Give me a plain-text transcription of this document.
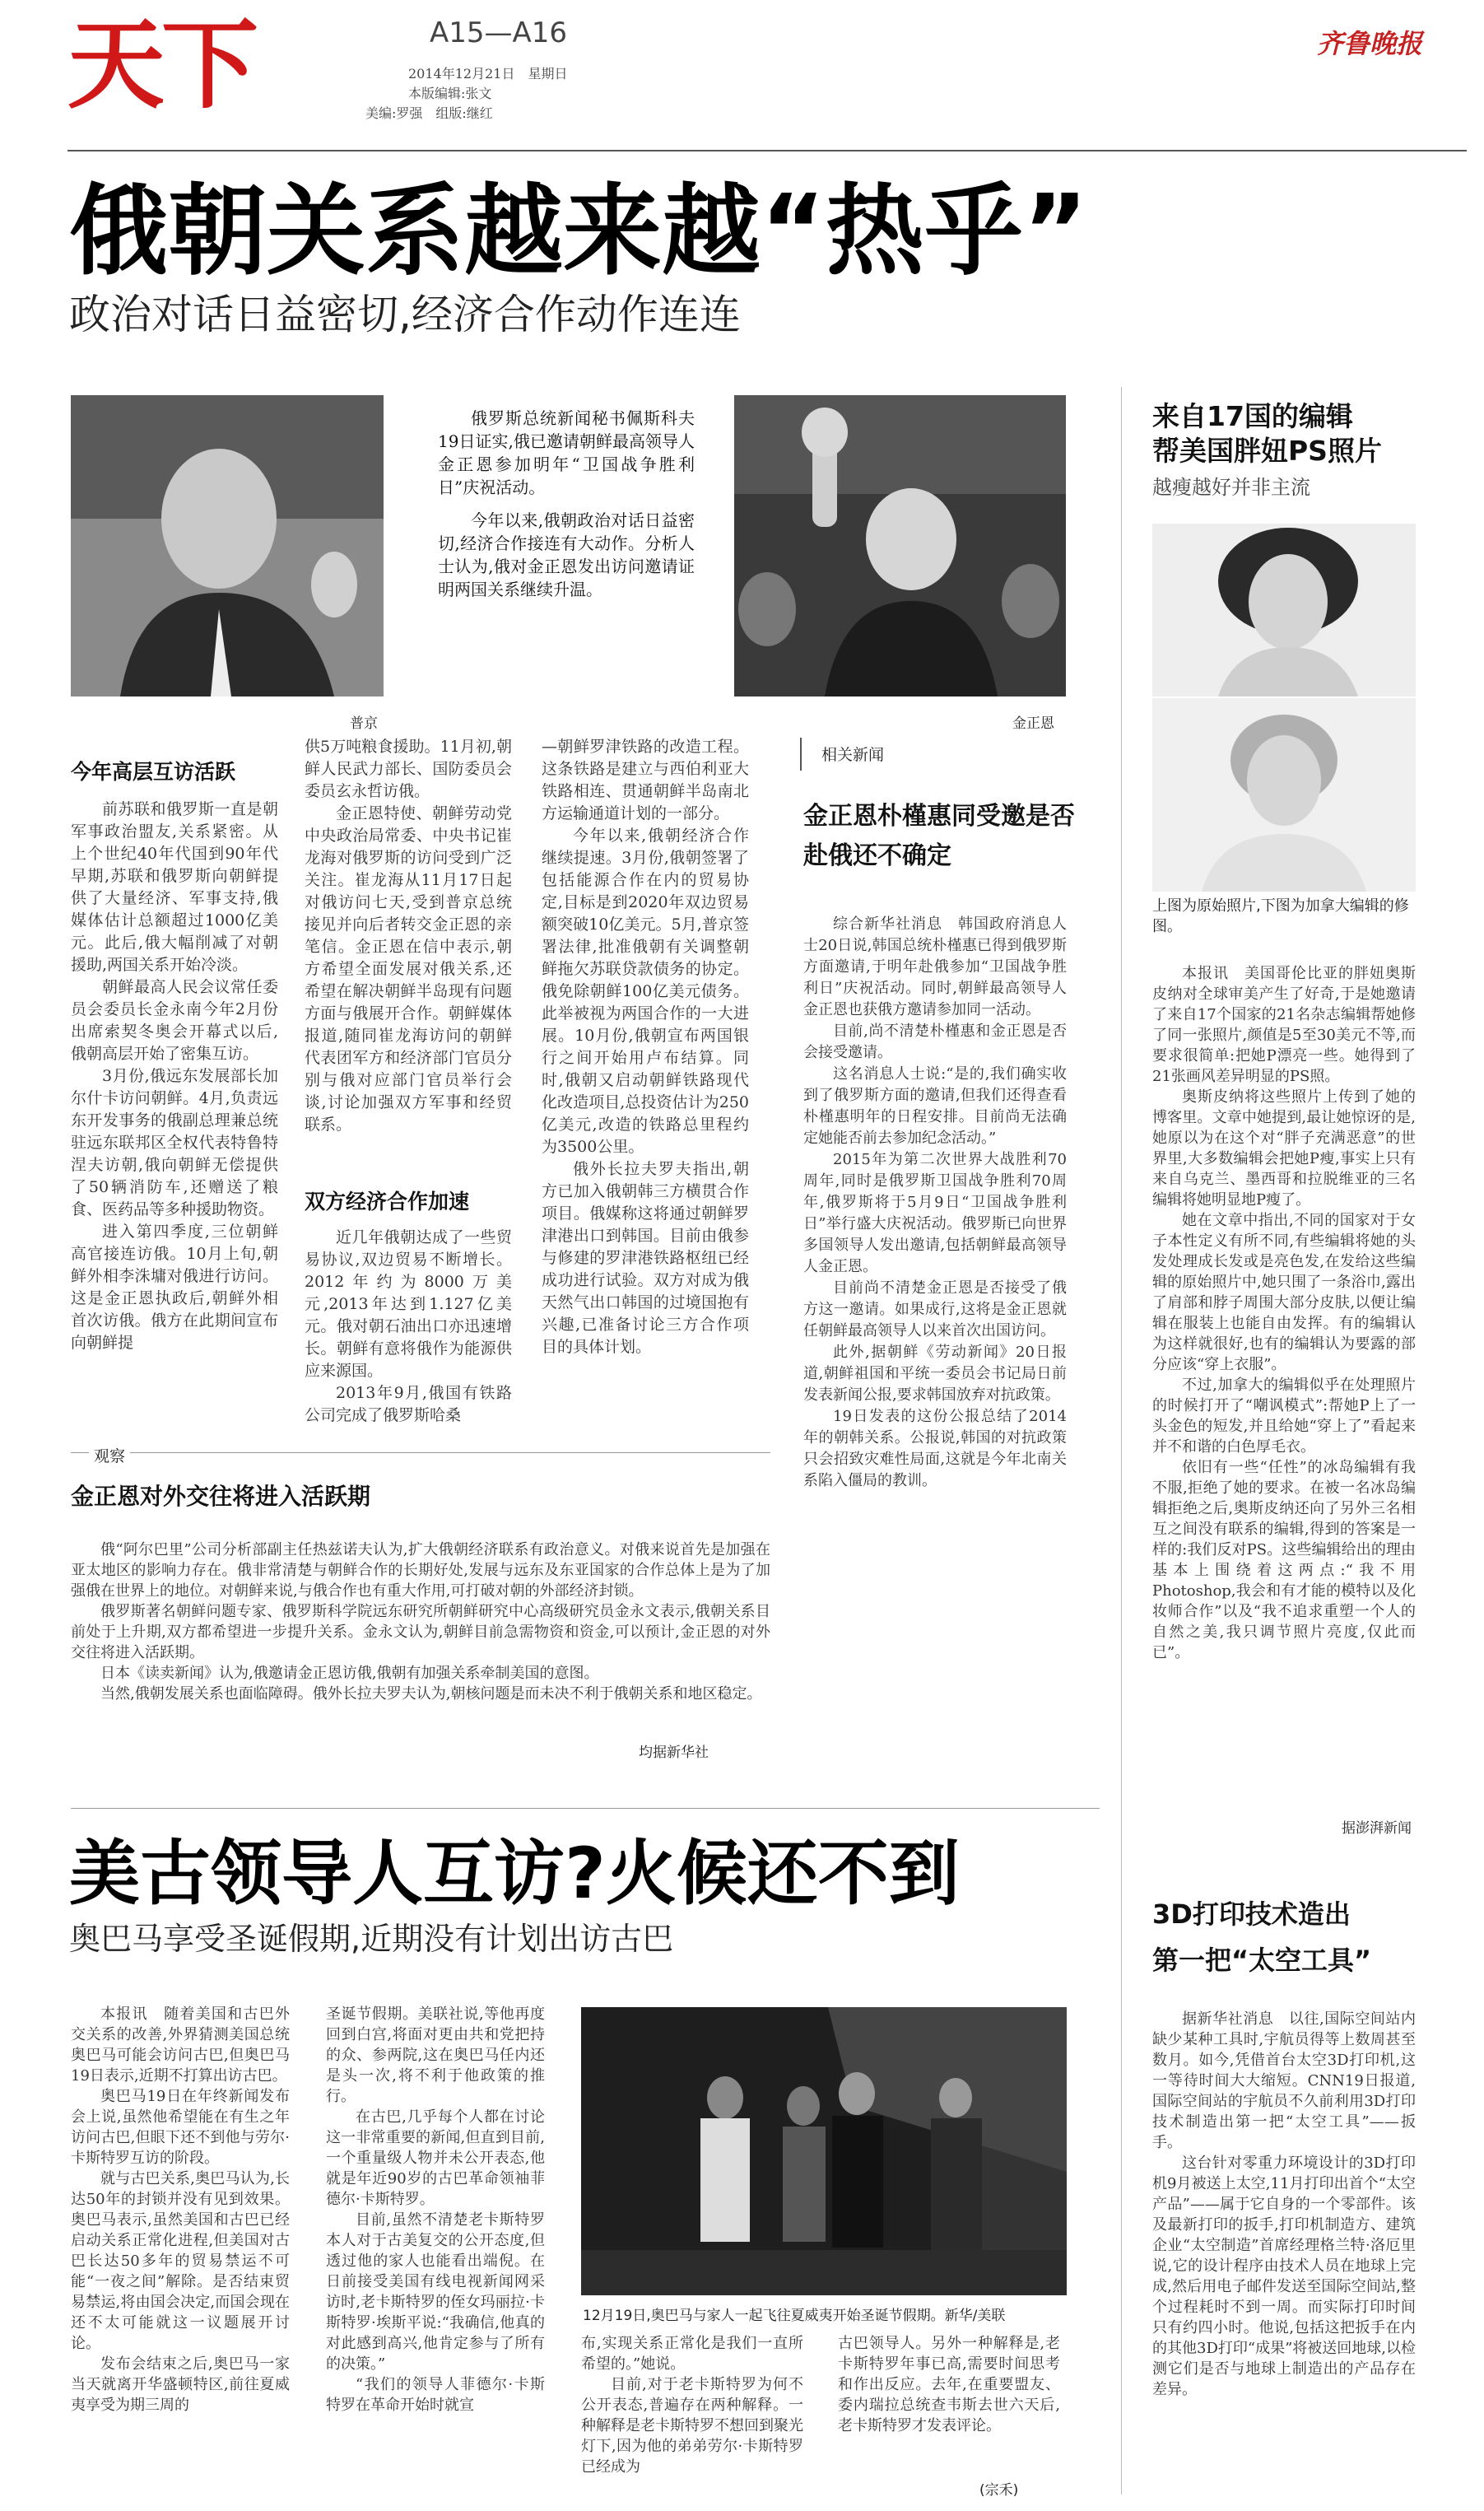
天下	A15—A16
2014年12月21日　星期日
本版编辑:张文
美编:罗强　组版:继红
齐鲁晚报
俄朝关系越来越“热乎”
政治对话日益密切,经济合作动作连连
普京

俄罗斯总统新闻秘书佩斯科夫19日证实,俄已邀请朝鲜最高领导人金正恩参加明年“卫国战争胜利日”庆祝活动。

今年以来,俄朝政治对话日益密切,经济合作接连有大动作。分析人士认为,俄对金正恩发出访问邀请证明两国关系继续升温。

金正恩
今年高层互访活跃

前苏联和俄罗斯一直是朝军事政治盟友,关系紧密。从上个世纪40年代国到90年代早期,苏联和俄罗斯向朝鲜提供了大量经济、军事支持,俄媒体估计总额超过1000亿美元。此后,俄大幅削减了对朝援助,两国关系开始冷淡。

朝鲜最高人民会议常任委员会委员长金永南今年2月份出席索契冬奥会开幕式以后,俄朝高层开始了密集互访。

3月份,俄远东发展部长加尔什卡访问朝鲜。4月,负责远东开发事务的俄副总理兼总统驻远东联邦区全权代表特鲁特涅夫访朝,俄向朝鲜无偿提供了50辆消防车,还赠送了粮食、医药品等多种援助物资。

进入第四季度,三位朝鲜高官接连访俄。10月上旬,朝鲜外相李洙墉对俄进行访问。这是金正恩执政后,朝鲜外相首次访俄。俄方在此期间宣布向朝鲜提

供5万吨粮食援助。11月初,朝鲜人民武力部长、国防委员会委员玄永哲访俄。

金正恩特使、朝鲜劳动党中央政治局常委、中央书记崔龙海对俄罗斯的访问受到广泛关注。崔龙海从11月17日起对俄访问七天,受到普京总统接见并向后者转交金正恩的亲笔信。金正恩在信中表示,朝方希望全面发展对俄关系,还希望在解决朝鲜半岛现有问题方面与俄展开合作。朝鲜媒体报道,随同崔龙海访问的朝鲜代表团军方和经济部门官员分别与俄对应部门官员举行会谈,讨论加强双方军事和经贸联系。

双方经济合作加速

近几年俄朝达成了一些贸易协议,双边贸易不断增长。2012年约为8000万美元,2013年达到1.127亿美元。俄对朝石油出口亦迅速增长。朝鲜有意将俄作为能源供应来源国。

2013年9月,俄国有铁路公司完成了俄罗斯哈桑

—朝鲜罗津铁路的改造工程。这条铁路是建立与西伯利亚大铁路相连、贯通朝鲜半岛南北方运输通道计划的一部分。

今年以来,俄朝经济合作继续提速。3月份,俄朝签署了包括能源合作在内的贸易协定,目标是到2020年双边贸易额突破10亿美元。5月,普京签署法律,批准俄朝有关调整朝鲜拖欠苏联贷款债务的协定。俄免除朝鲜100亿美元债务。此举被视为两国合作的一大进展。10月份,俄朝宣布两国银行之间开始用卢布结算。同时,俄朝又启动朝鲜铁路现代化改造项目,总投资估计为250亿美元,改造的铁路总里程约为3500公里。

俄外长拉夫罗夫指出,朝方已加入俄朝韩三方横贯合作项目。俄媒称这将通过朝鲜罗津港出口到韩国。目前由俄参与修建的罗津港铁路枢纽已经成功进行试验。双方对成为俄天然气出口韩国的过境国抱有兴趣,已准备讨论三方合作项目的具体计划。

相关新闻
金正恩朴槿惠同受邀是否赴俄还不确定

综合新华社消息　韩国政府消息人士20日说,韩国总统朴槿惠已得到俄罗斯方面邀请,于明年赴俄参加“卫国战争胜利日”庆祝活动。同时,朝鲜最高领导人金正恩也获俄方邀请参加同一活动。

目前,尚不清楚朴槿惠和金正恩是否会接受邀请。

这名消息人士说:“是的,我们确实收到了俄罗斯方面的邀请,但我们还得查看朴槿惠明年的日程安排。目前尚无法确定她能否前去参加纪念活动。”

2015年为第二次世界大战胜利70周年,同时是俄罗斯卫国战争胜利70周年,俄罗斯将于5月9日“卫国战争胜利日”举行盛大庆祝活动。俄罗斯已向世界多国领导人发出邀请,包括朝鲜最高领导人金正恩。

目前尚不清楚金正恩是否接受了俄方这一邀请。如果成行,这将是金正恩就任朝鲜最高领导人以来首次出国访问。

此外,据朝鲜《劳动新闻》20日报道,朝鲜祖国和平统一委员会书记局日前发表新闻公报,要求韩国放弃对抗政策。

19日发表的这份公报总结了2014年的朝韩关系。公报说,韩国的对抗政策只会招致灾难性局面,这就是今年北南关系陷入僵局的教训。

观察
金正恩对外交往将进入活跃期

俄“阿尔巴里”公司分析部副主任热兹诺夫认为,扩大俄朝经济联系有政治意义。对俄来说首先是加强在亚太地区的影响力存在。俄非常清楚与朝鲜合作的长期好处,发展与远东及东亚国家的合作总体上是为了加强俄在世界上的地位。对朝鲜来说,与俄合作也有重大作用,可打破对朝的外部经济封锁。

俄罗斯著名朝鲜问题专家、俄罗斯科学院远东研究所朝鲜研究中心高级研究员金永文表示,俄朝关系目前处于上升期,双方都希望进一步提升关系。金永文认为,朝鲜目前急需物资和资金,可以预计,金正恩的对外交往将进入活跃期。

日本《读卖新闻》认为,俄邀请金正恩访俄,俄朝有加强关系牵制美国的意图。

当然,俄朝发展关系也面临障碍。俄外长拉夫罗夫认为,朝核问题是而未决不利于俄朝关系和地区稳定。

均据新华社
来自17国的编辑
帮美国胖妞PS照片
越瘦越好并非主流
上图为原始照片,下图为加拿大编辑的修图。

本报讯　美国哥伦比亚的胖妞奥斯皮纳对全球审美产生了好奇,于是她邀请了来自17个国家的21名杂志编辑帮她修了同一张照片,颜值是5至30美元不等,而要求很简单:把她P漂亮一些。她得到了21张画风差异明显的PS照。

奥斯皮纳将这些照片上传到了她的博客里。文章中她提到,最让她惊讶的是,她原以为在这个对“胖子充满恶意”的世界里,大多数编辑会把她P瘦,事实上只有来自乌克兰、墨西哥和拉脱维亚的三名编辑将她明显地P瘦了。

她在文章中指出,不同的国家对于女子本性定义有所不同,有些编辑将她的头发处理成长发或是亮色发,在发给这些编辑的原始照片中,她只围了一条浴巾,露出了肩部和脖子周围大部分皮肤,以便让编辑在服装上也能自由发挥。有的编辑认为这样就很好,也有的编辑认为要露的部分应该“穿上衣服”。

不过,加拿大的编辑似乎在处理照片的时候打开了“嘲讽模式”:帮她P上了一头金色的短发,并且给她“穿上了”看起来并不和谐的白色厚毛衣。

依旧有一些“任性”的冰岛编辑有我不服,拒绝了她的要求。在被一名冰岛编辑拒绝之后,奥斯皮纳还向了另外三名相互之间没有联系的编辑,得到的答案是一样的:我们反对PS。这些编辑给出的理由基本上围绕着这两点:“我不用Photoshop,我会和有才能的模特以及化妆师合作”以及“我不追求重塑一个人的自然之美,我只调节照片亮度,仅此而已”。

据澎湃新闻
美古领导人互访?火候还不到
奥巴马享受圣诞假期,近期没有计划出访古巴

本报讯　随着美国和古巴外交关系的改善,外界猜测美国总统奥巴马可能会访问古巴,但奥巴马19日表示,近期不打算出访古巴。

奥巴马19日在年终新闻发布会上说,虽然他希望能在有生之年访问古巴,但眼下还不到他与劳尔·卡斯特罗互访的阶段。

就与古巴关系,奥巴马认为,长达50年的封锁并没有见到效果。奥巴马表示,虽然美国和古巴已经启动关系正常化进程,但美国对古巴长达50多年的贸易禁运不可能“一夜之间”解除。是否结束贸易禁运,将由国会决定,而国会现在还不太可能就这一议题展开讨论。

发布会结束之后,奥巴马一家当天就离开华盛顿特区,前往夏威夷享受为期三周的

圣诞节假期。美联社说,等他再度回到白宫,将面对更由共和党把持的众、参两院,这在奥巴马任内还是头一次,将不利于他政策的推行。

在古巴,几乎每个人都在讨论这一非常重要的新闻,但直到目前,一个重量级人物并未公开表态,他就是年近90岁的古巴革命领袖菲德尔·卡斯特罗。

目前,虽然不清楚老卡斯特罗本人对于古美复交的公开态度,但透过他的家人也能看出端倪。在日前接受美国有线电视新闻网采访时,老卡斯特罗的侄女玛丽拉·卡斯特罗·埃斯平说:“我确信,他真的对此感到高兴,他肯定参与了所有的决策。”

“我们的领导人菲德尔·卡斯特罗在革命开始时就宣

12月19日,奥巴马与家人一起飞往夏威夷开始圣诞节假期。新华/美联

布,实现关系正常化是我们一直所希望的。”她说。

目前,对于老卡斯特罗为何不公开表态,普遍存在两种解释。一种解释是老卡斯特罗不想回到聚光灯下,因为他的弟弟劳尔·卡斯特罗已经成为

古巴领导人。另外一种解释是,老卡斯特罗年事已高,需要时间思考和作出反应。去年,在重要盟友、委内瑞拉总统查韦斯去世六天后,老卡斯特罗才发表评论。

(宗禾)
3D打印技术造出
第一把“太空工具”

据新华社消息　以往,国际空间站内缺少某种工具时,宇航员得等上数周甚至数月。如今,凭借首台太空3D打印机,这一等待时间大大缩短。CNN19日报道,国际空间站的宇航员不久前利用3D打印技术制造出第一把“太空工具”——扳手。

这台针对零重力环境设计的3D打印机9月被送上太空,11月打印出首个“太空产品”——属于它自身的一个零部件。该及最新打印的扳手,打印机制造方、建筑企业“太空制造”首席经理格兰特·洛厄里说,它的设计程序由技术人员在地球上完成,然后用电子邮件发送至国际空间站,整个过程耗时不到一周。而实际打印时间只有约四小时。他说,包括这把扳手在内的其他3D打印“成果”将被送回地球,以检测它们是否与地球上制造出的产品存在差异。
